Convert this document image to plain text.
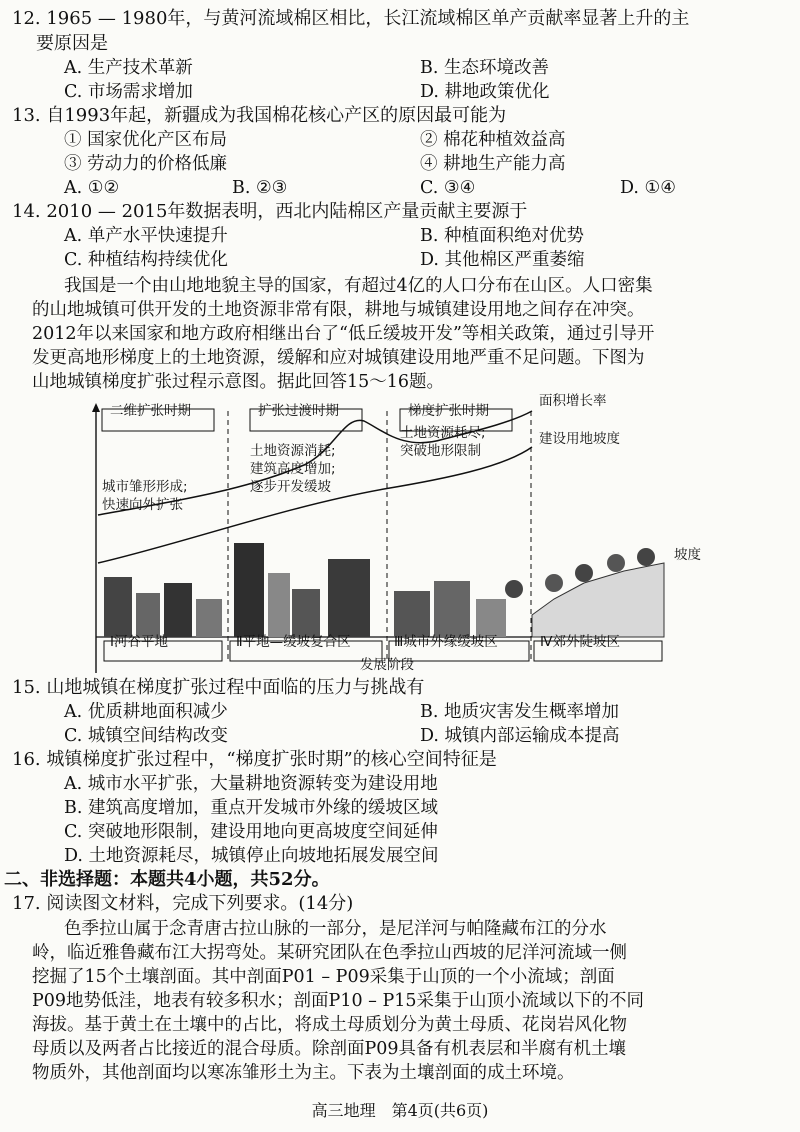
12. 1965 — 1980年，与黄河流域棉区相比，长江流域棉区单产贡献率显著上升的主
要原因是
A. 生产技术革新	B. 生态环境改善
C. 市场需求增加	D. 耕地政策优化
13. 自1993年起，新疆成为我国棉花核心产区的原因最可能为
① 国家优化产区布局	② 棉花种植效益高
③ 劳动力的价格低廉	④ 耕地生产能力高
A. ①②	B. ②③	C. ③④	D. ①④
14. 2010 — 2015年数据表明，西北内陆棉区产量贡献主要源于
A. 单产水平快速提升	B. 种植面积绝对优势
C. 种植结构持续优化	D. 其他棉区严重萎缩
我国是一个由山地地貌主导的国家，有超过4亿的人口分布在山区。人口密集
的山地城镇可供开发的土地资源非常有限，耕地与城镇建设用地之间存在冲突。
2012年以来国家和地方政府相继出台了“低丘缓坡开发”等相关政策，通过引导开
发更高地形梯度上的土地资源，缓解和应对城镇建设用地严重不足问题。下图为
山地城镇梯度扩张过程示意图。据此回答15～16题。
二维扩张时期	扩张过渡时期	梯度扩张时期
面积增长率
建设用地坡度
城市雏形形成;
快速向外扩张
土地资源消耗;
建筑高度增加;
逐步开发缓坡
土地资源耗尽;
突破地形限制
坡度
Ⅰ河谷平地	Ⅱ平地—缓坡复合区	Ⅲ城市外缘缓坡区	Ⅳ郊外陡坡区
发展阶段
15. 山地城镇在梯度扩张过程中面临的压力与挑战有
A. 优质耕地面积减少	B. 地质灾害发生概率增加
C. 城镇空间结构改变	D. 城镇内部运输成本提高
16. 城镇梯度扩张过程中，“梯度扩张时期”的核心空间特征是
A. 城市水平扩张，大量耕地资源转变为建设用地
B. 建筑高度增加，重点开发城市外缘的缓坡区域
C. 突破地形限制，建设用地向更高坡度空间延伸
D. 土地资源耗尽，城镇停止向坡地拓展发展空间
二、非选择题：本题共4小题，共52分。
17. 阅读图文材料，完成下列要求。(14分)
色季拉山属于念青唐古拉山脉的一部分，是尼洋河与帕隆藏布江的分水
岭，临近雅鲁藏布江大拐弯处。某研究团队在色季拉山西坡的尼洋河流域一侧
挖掘了15个土壤剖面。其中剖面P01 – P09采集于山顶的一个小流域；剖面
P09地势低洼，地表有较多积水；剖面P10 – P15采集于山顶小流域以下的不同
海拔。基于黄土在土壤中的占比，将成土母质划分为黄土母质、花岗岩风化物
母质以及两者占比接近的混合母质。除剖面P09具备有机表层和半腐有机土壤
物质外，其他剖面均以寒冻雏形土为主。下表为土壤剖面的成土环境。
高三地理　第4页(共6页)
